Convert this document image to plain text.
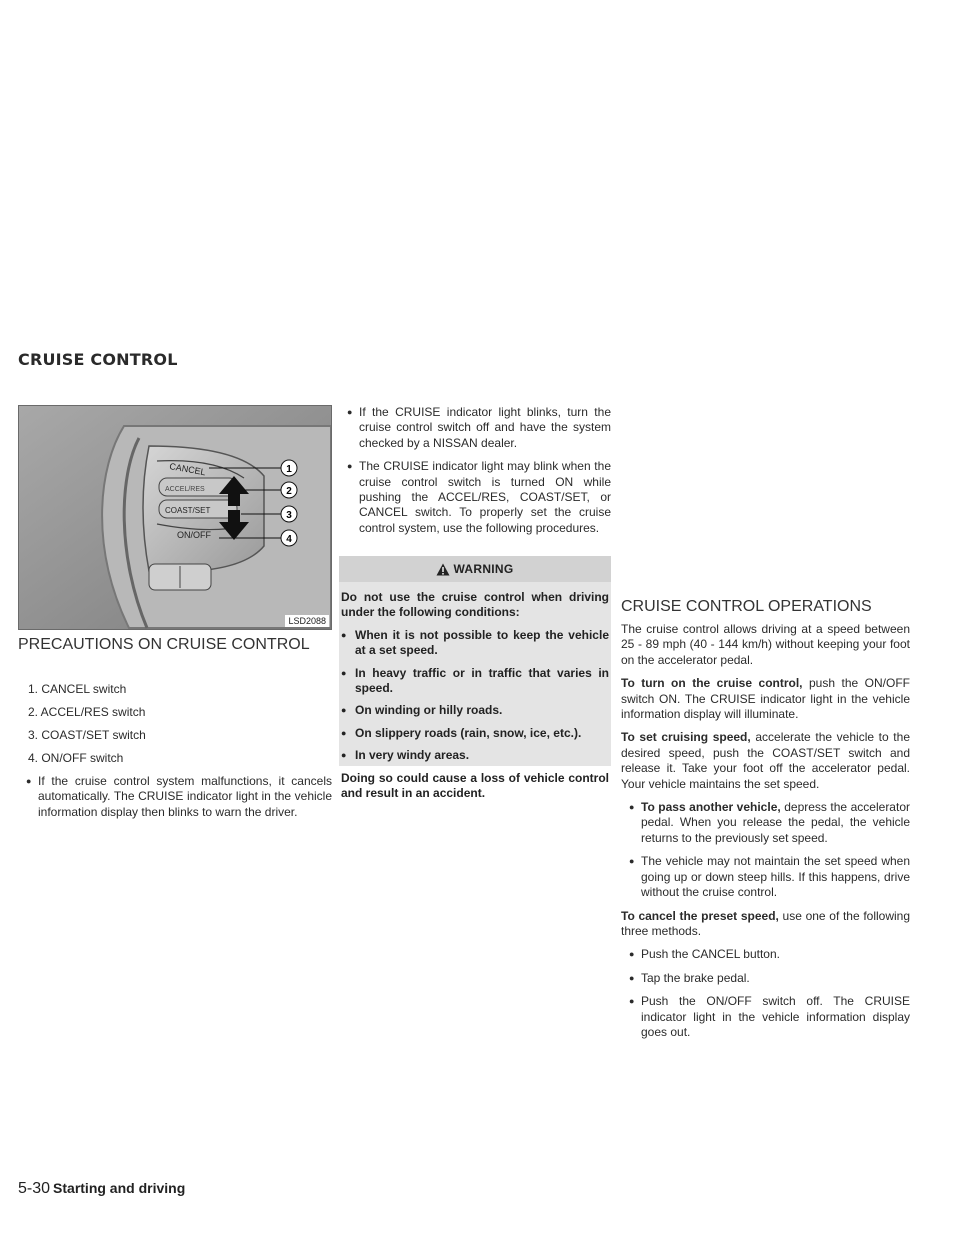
CRUISE CONTROL
CANCEL
ACCEL/RES
COAST/SET
ON/OFF
1
2
3
4
LSD2088
PRECAUTIONS ON CRUISE CONTROL
1. CANCEL switch
2. ACCEL/RES switch
3. COAST/SET switch
4. ON/OFF switch
● If the cruise control system malfunctions, it cancels automatically. The CRUISE indicator light in the vehicle information display then blinks to warn the driver.
● If the CRUISE indicator light blinks, turn the cruise control switch off and have the system checked by a NISSAN dealer.
● The CRUISE indicator light may blink when the cruise control switch is turned ON while pushing the ACCEL/RES, COAST/SET, or CANCEL switch. To properly set the cruise control system, use the following procedures.
WARNING

Do not use the cruise control when driving under the following conditions:

● When it is not possible to keep the vehicle at a set speed.
● In heavy traffic or in traffic that varies in speed.
● On winding or hilly roads.
● On slippery roads (rain, snow, ice, etc.).
● In very windy areas.

Doing so could cause a loss of vehicle control and result in an accident.

CRUISE CONTROL OPERATIONS

The cruise control allows driving at a speed between 25 - 89 mph (40 - 144 km/h) without keeping your foot on the accelerator pedal.

To turn on the cruise control, push the ON/OFF switch ON. The CRUISE indicator light in the vehicle information display will illuminate.

To set cruising speed, accelerate the vehicle to the desired speed, push the COAST/SET switch and release it. Take your foot off the accelerator pedal. Your vehicle maintains the set speed.

● To pass another vehicle, depress the accelerator pedal. When you release the pedal, the vehicle returns to the previously set speed.
● The vehicle may not maintain the set speed when going up or down steep hills. If this happens, drive without the cruise control.

To cancel the preset speed, use one of the following three methods.

● Push the CANCEL button.
● Tap the brake pedal.
● Push the ON/OFF switch off. The CRUISE indicator light in the vehicle information display goes out.
5-30 Starting and driving
